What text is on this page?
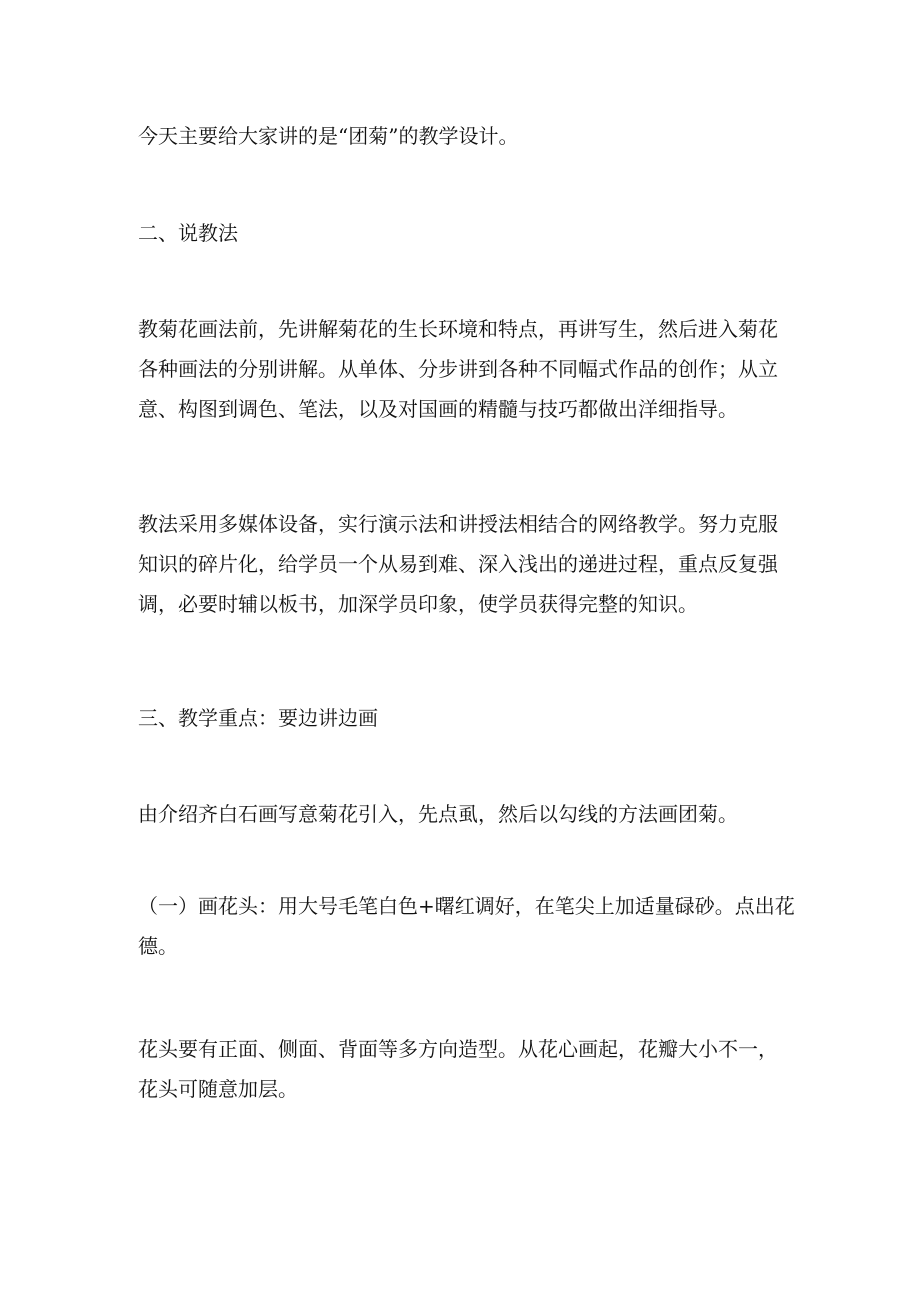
今天主要给大家讲的是“团菊”的教学设计。

二、说教法

教菊花画法前，先讲解菊花的生长环境和特点，再讲写生，然后进入菊花
各种画法的分别讲解。从单体、分步讲到各种不同幅式作品的创作；从立
意、构图到调色、笔法，以及对国画的精髓与技巧都做出洋细指导。

教法采用多媒体设备，实行演示法和讲授法相结合的网络教学。努力克服
知识的碎片化，给学员一个从易到难、深入浅出的递进过程，重点反复强
调，必要时辅以板书，加深学员印象，使学员获得完整的知识。

三、教学重点：要边讲边画

由介绍齐白石画写意菊花引入，先点虱，然后以勾线的方法画团菊。

（一）画花头：用大号毛笔白色+曙红调好，在笔尖上加适量碌砂。点出花
德。

花头要有正面、侧面、背面等多方向造型。从花心画起，花瓣大小不一，
花头可随意加层。
